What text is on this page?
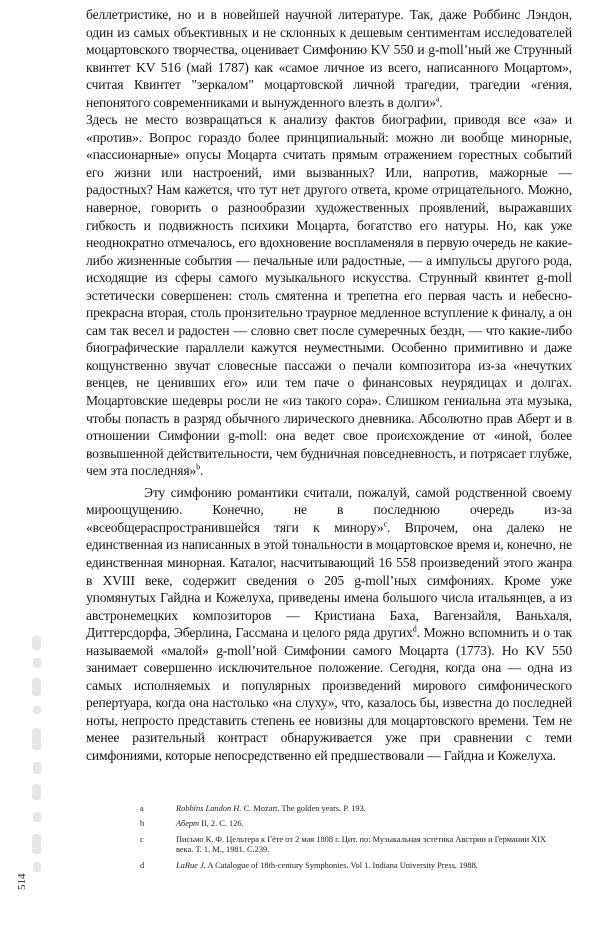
беллетристике, но и в новейшей научной литературе. Так, даже Роббинс Лэндон, один из самых объективных и не склонных к дешевым сентиментам исследователей моцартовского творчества, оценивает Симфонию KV 550 и g-moll’ный же Струнный квинтет KV 516 (май 1787) как «самое личное из всего, написанного Моцартом», считая Квинтет "зеркалом" моцартовской личной трагедии, трагедии «гения, непонятого современниками и вынужденного влезть в долги»$^a$.

Здесь не место возвращаться к анализу фактов биографии, приводя все «за» и «против». Вопрос гораздо более принципиальный: можно ли вообще минорные, «пассионарные» опусы Моцарта считать прямым отражением горестных событий его жизни или настроений, ими вызванных? Или, напротив, мажорные — радостных? Нам кажется, что тут нет другого ответа, кроме отрицательного. Можно, наверное, говорить о разнообразии художественных проявлений, выражавших гибкость и подвижность психики Моцарта, богатство его натуры. Но, как уже неоднократно отмечалось, его вдохновение воспламеняля в первую очередь не какие-либо жизненные события — печальные или радостные, — а импульсы другого рода, исходящие из сферы самого музыкального искусства. Струнный квинтет g-moll эстетически совершенен: столь смятенна и трепетна его первая часть и небесно-прекрасна вторая, столь пронзительно траурное медленное вступление к финалу, а он сам так весел и радостен — словно свет после сумеречных бездн, — что какие-либо биографические параллели кажутся неуместными. Особенно примитивно и даже кощунственно звучат словесные пассажи о печали композитора из-за «нечутких венцев, не ценивших его» или тем паче о финансовых неурядицах и долгах. Моцартовские шедевры росли не «из такого сора». Слишком гениальна эта музыка, чтобы попасть в разряд обычного лирического дневника. Абсолютно прав Аберт и в отношении Симфонии g-moll: она ведет свое происхождение от «иной, более возвышенной действительности, чем будничная повседневность, и потрясает глубже, чем эта последняя»$^b$.

Эту симфонию романтики считали, пожалуй, самой родственной своему мироощущению. Конечно, не в последнюю очередь из-за «всеобщераспространившейся тяги к минору»$^c$. Впрочем, она далеко не единственная из написанных в этой тональности в моцартовское время и, конечно, не единственная минорная. Каталог, насчитывающий 16 558 произведений этого жанра в XVIII веке, содержит сведения о 205 g-moll’ных симфониях. Кроме уже упомянутых Гайдна и Кожелуха, приведены имена большого числа итальянцев, а из австронемецких композиторов — Кристиана Баха, Вагензайля, Ваньхаля, Диттерсдорфа, Эберлина, Гассмана и целого ряда других$^d$. Можно вспомнить и о так называемой «малой» g-moll’ной Симфонии самого Моцарта (1773). Но KV 550 занимает совершенно исключительное положение. Сегодня, когда она — одна из самых исполняемых и популярных произведений мирового симфонического репертуара, когда она настолько «на слуху», что, казалось бы, известна до последней ноты, непросто представить степень ее новизны для моцартовского времени. Тем не менее разительный контраст обнаруживается уже при сравнении с теми симфониями, которые непосредственно ей предшествовали — Гайдна и Кожелуха.

a	Robbins Landon H. C. Mozart. The golden years. P. 193.
b	Аберт II, 2. С. 126.
c	Письмо К. Ф. Цельтера к Гёте от 2 мая 1808 г. Цит. по: Музыкальная эстетика Австрии и Германии XIX века. Т. 1. М., 1981. С.239.
d	LaRue J. A Catalogue of 18th-century Symphonies. Vol 1. Indiana University Press, 1988.
514
